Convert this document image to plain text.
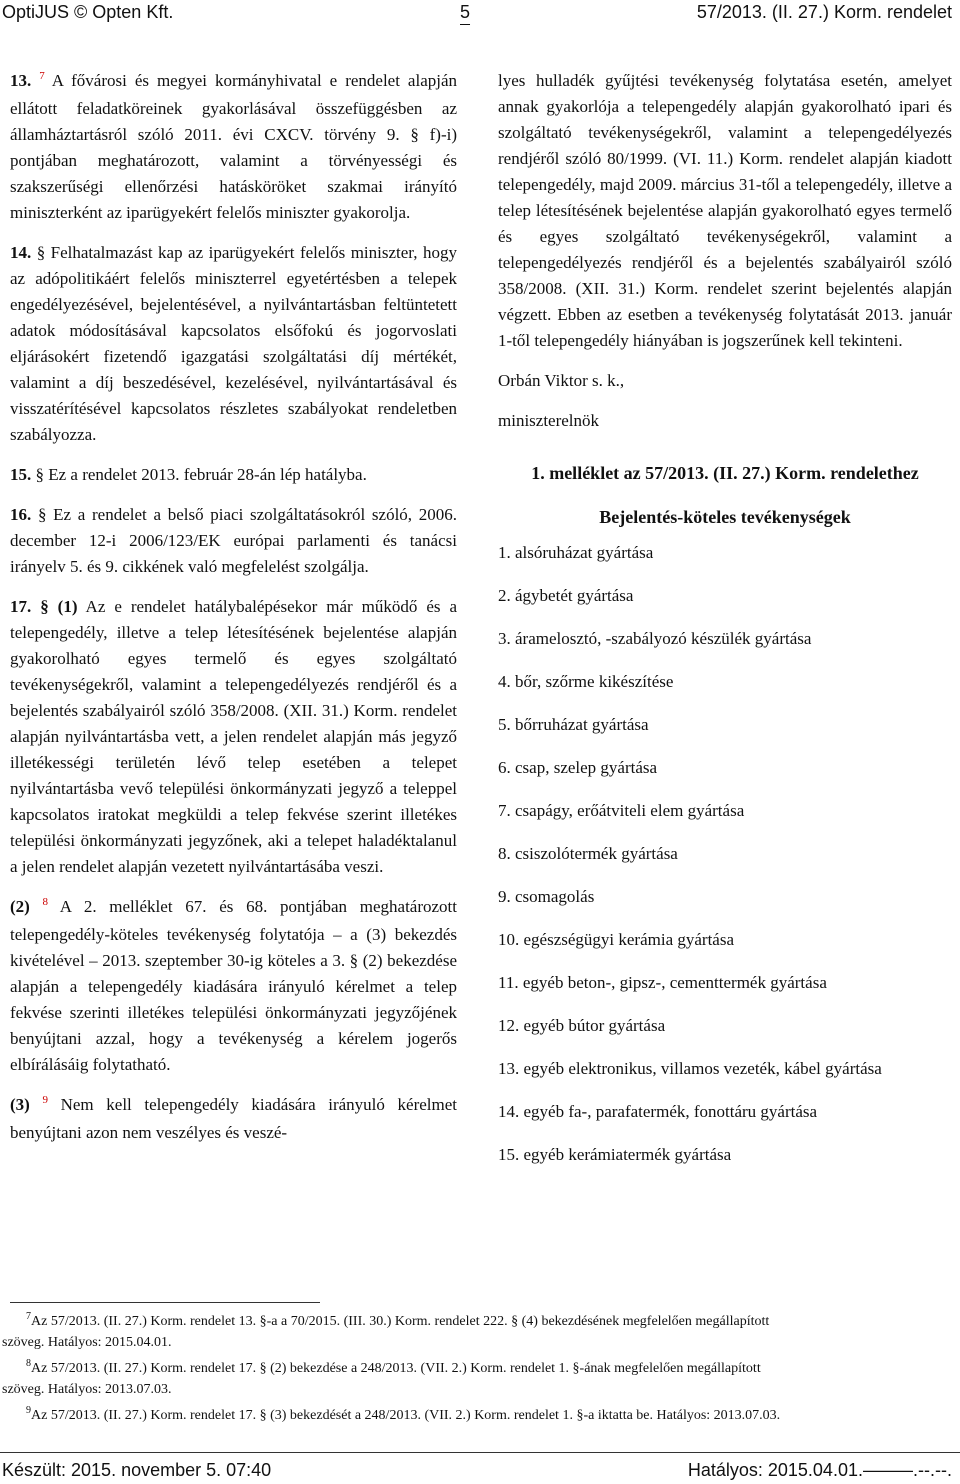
OptiJUS © Opten Kft.	5	57/2013. (II. 27.) Korm. rendelet

13. $^7$ A fővárosi és megyei kormányhivatal e rendelet alapján ellátott feladatköreinek gyakorlásával összefüggésben az államháztartásról szóló 2011. évi CXCV. törvény 9. § f)-i) pontjában meghatározott, valamint a törvényességi és szakszerűségi ellenőrzési hatásköröket szakmai irányító miniszterként az iparügyekért felelős miniszter gyakorolja.

14. § Felhatalmazást kap az iparügyekért felelős miniszter, hogy az adópolitikáért felelős miniszterrel egyetértésben a telepek engedélyezésével, bejelentésével, a nyilvántartásban feltüntetett adatok módosításával kapcsolatos elsőfokú és jogorvoslati eljárásokért fizetendő igazgatási szolgáltatási díj mértékét, valamint a díj beszedésével, kezelésével, nyilvántartásával és visszatérítésével kapcsolatos részletes szabályokat rendeletben szabályozza.

15. § Ez a rendelet 2013. február 28-án lép hatályba.

16. § Ez a rendelet a belső piaci szolgáltatásokról szóló, 2006. december 12-i 2006/123/EK európai parlamenti és tanácsi irányelv 5. és 9. cikkének való megfelelést szolgálja.

17. § (1) Az e rendelet hatálybalépésekor már működő és a telepengedély, illetve a telep létesítésének bejelentése alapján gyakorolható egyes termelő és egyes szolgáltató tevékenységekről, valamint a telepengedélyezés rendjéről és a bejelentés szabályairól szóló 358/2008. (XII. 31.) Korm. rendelet alapján nyilvántartásba vett, a jelen rendelet alapján más jegyző illetékességi területén lévő telep esetében a telepet nyilvántartásba vevő települési önkormányzati jegyző a teleppel kapcsolatos iratokat megküldi a telep fekvése szerint illetékes települési önkormányzati jegyzőnek, aki a telepet haladéktalanul a jelen rendelet alapján vezetett nyilvántartásába veszi.

(2) $^8$ A 2. melléklet 67. és 68. pontjában meghatározott telepengedély-köteles tevékenység folytatója – a (3) bekezdés kivételével – 2013. szeptember 30-ig köteles a 3. § (2) bekezdése alapján a telepengedély kiadására irányuló kérelmet a telep fekvése szerinti illetékes települési önkormányzati jegyzőjének benyújtani azzal, hogy a tevékenység a kérelem jogerős elbírálásáig folytatható.

(3) $^9$ Nem kell telepengedély kiadására irányuló kérelmet benyújtani azon nem veszélyes és veszé-

lyes hulladék gyűjtési tevékenység folytatása esetén, amelyet annak gyakorlója a telepengedély alapján gyakorolható ipari és szolgáltató tevékenységekről, valamint a telepengedélyezés rendjéről szóló 80/1999. (VI. 11.) Korm. rendelet alapján kiadott telepengedély, majd 2009. március 31-től a telepengedély, illetve a telep létesítésének bejelentése alapján gyakorolható egyes termelő és egyes szolgáltató tevékenységekről, valamint a telepengedélyezés rendjéről és a bejelentés szabályairól szóló 358/2008. (XII. 31.) Korm. rendelet szerint bejelentés alapján végzett. Ebben az esetben a tevékenység folytatását 2013. január 1-től telepengedély hiányában is jogszerűnek kell tekinteni.

Orbán Viktor s. k.,

miniszterelnök

1. melléklet az 57/2013. (II. 27.) Korm. rendelethez
Bejelentés-köteles tevékenységek
1. alsóruházat gyártása
2. ágybetét gyártása
3. áramelosztó, -szabályozó készülék gyártása
4. bőr, szőrme kikészítése
5. bőrruházat gyártása
6. csap, szelep gyártása
7. csapágy, erőátviteli elem gyártása
8. csiszolótermék gyártása
9. csomagolás
10. egészségügyi kerámia gyártása
11. egyéb beton-, gipsz-, cementtermék gyártása
12. egyéb bútor gyártása
13. egyéb elektronikus, villamos vezeték, kábel gyártása
14. egyéb fa-, parafatermék, fonottáru gyártása
15. egyéb kerámiatermék gyártása

$^7$Az 57/2013. (II. 27.) Korm. rendelet 13. §-a a 70/2015. (III. 30.) Korm. rendelet 222. § (4) bekezdésének megfelelően megállapított
szöveg. Hatályos: 2015.04.01.

$^8$Az 57/2013. (II. 27.) Korm. rendelet 17. § (2) bekezdése a 248/2013. (VII. 2.) Korm. rendelet 1. §-ának megfelelően megállapított
szöveg. Hatályos: 2013.07.03.

$^9$Az 57/2013. (II. 27.) Korm. rendelet 17. § (3) bekezdését a 248/2013. (VII. 2.) Korm. rendelet 1. §-a iktatta be. Hatályos: 2013.07.03.

Készült: 2015. november 5. 07:40	Hatályos: 2015.04.01.–––––.--.--.
